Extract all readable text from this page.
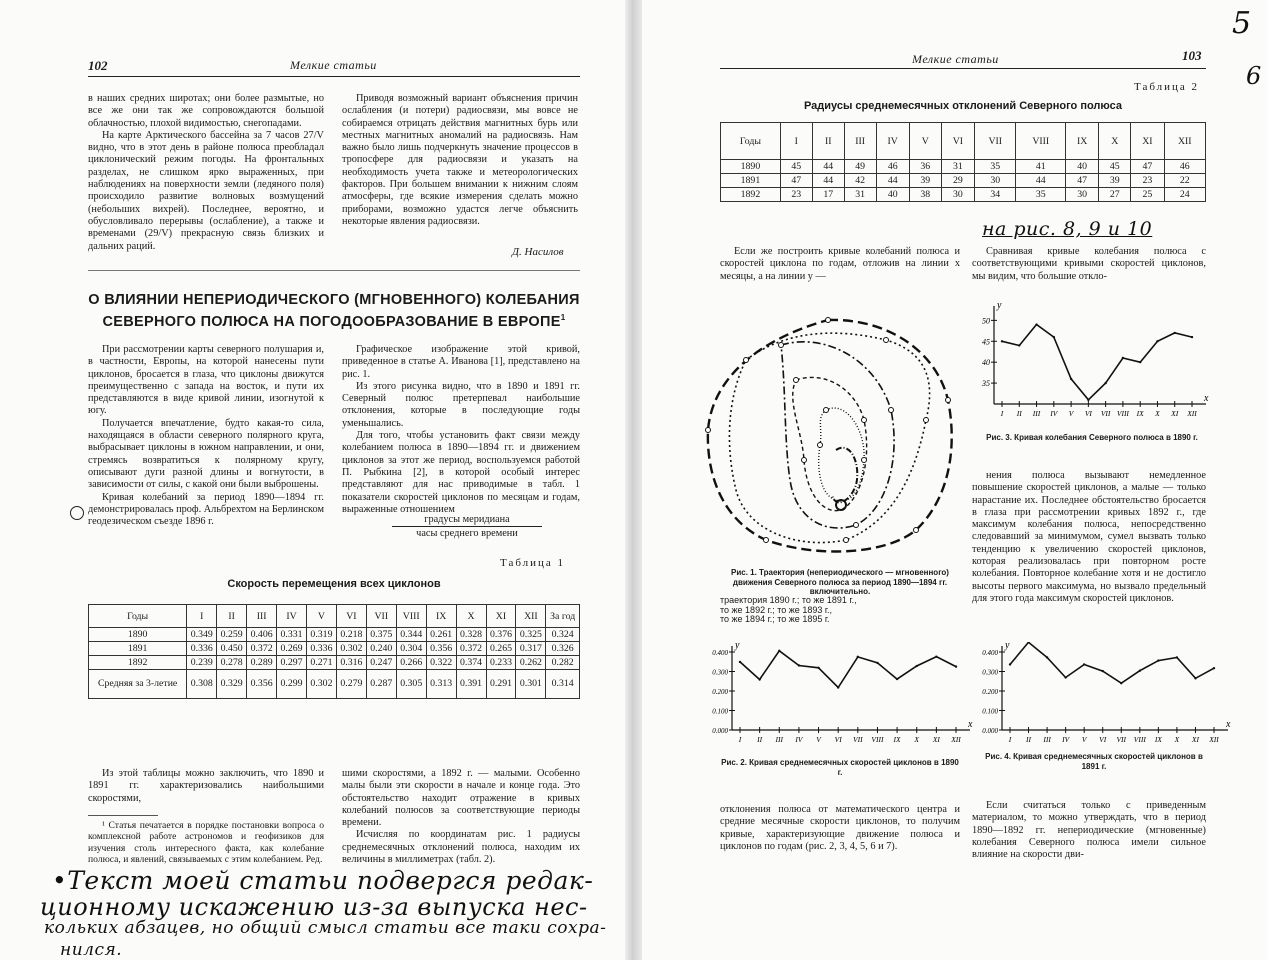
102	Мелкие статьи

в наших средних широтах; они более размытые, но все же они так же сопровождаются большой облачностью, плохой видимостью, снегопадами.

На карте Арктического бассейна за 7 часов 27/V видно, что в этот день в районе полюса преобладал циклонический режим погоды. На фронтальных разделах, не слишком ярко выраженных, при наблюдениях на поверхности земли (ледяного поля) происходило развитие волновых возмущений (небольших вихрей). Последнее, вероятно, и обусловливало перерывы (ослабление), а также и временами (29/V) прекрасную связь близких и дальних раций.

Приводя возможный вариант объяснения причин ослабления (и потери) радиосвязи, мы вовсе не собираемся отрицать действия магнитных бурь или местных магнитных аномалий на радиосвязь. Нам важно было лишь подчеркнуть значение процессов в тропосфере для радиосвязи и указать на необходимость учета также и метеорологических факторов. При большем внимании к нижним слоям атмосферы, где всякие измерения сделать можно приборами, возможно удастся легче объяснить некоторые явления радиосвязи.

Д. Насилов
О ВЛИЯНИИ НЕПЕРИОДИЧЕСКОГО (МГНОВЕННОГО) КОЛЕБАНИЯ СЕВЕРНОГО ПОЛЮСА НА ПОГОДООБРАЗОВАНИЕ В ЕВРОПЕ$^1$

При рассмотрении карты северного полушария и, в частности, Европы, на которой нанесены пути циклонов, бросается в глаза, что циклоны движутся преимущественно с запада на восток, и пути их представляются в виде кривой линии, изогнутой к югу.

Получается впечатление, будто какая-то сила, находящаяся в области северного полярного круга, выбрасывает циклоны в южном направлении, и они, стремясь возвратиться к полярному кругу, описывают дуги разной длины и вогнутости, в зависимости от силы, с какой они были выброшены.

Кривая колебаний за период 1890—1894 гг. демонстрировалась проф. Альбрехтом на Берлинском геодезическом съезде 1896 г.

Графическое изображение этой кривой, приведенное в статье А. Иванова [1], представлено на рис. 1.

Из этого рисунка видно, что в 1890 и 1891 гг. Северный полюс претерпевал наибольшие отклонения, которые в последующие годы уменьшались.

Для того, чтобы установить факт связи между колебанием полюса в 1890—1894 гг. и движением циклонов за этот же период, воспользуемся работой П. Рыбкина [2], в которой особый интерес представляют для нас приводимые в табл. 1 показатели скоростей циклонов по месяцам и годам, выраженные отношением

градусы меридиана
часы среднего времени
Таблица 1
Скорость перемещения всех циклонов
Годы	I	II	III	IV	V	VI	VII	VIII	IX	X	XI	XII	За год
1890	0.349	0.259	0.406	0.331	0.319	0.218	0.375	0.344	0.261	0.328	0.376	0.325	0.324
1891	0.336	0.450	0.372	0.269	0.336	0.302	0.240	0.304	0.356	0.372	0.265	0.317	0.326
1892	0.239	0.278	0.289	0.297	0.271	0.316	0.247	0.266	0.322	0.374	0.233	0.262	0.282
Средняя за 3-летие	0.308	0.329	0.356	0.299	0.302	0.279	0.287	0.305	0.313	0.391	0.291	0.301	0.314

Из этой таблицы можно заключить, что 1890 и 1891 гг. характеризовались наибольшими скоростями,

¹ Статья печатается в порядке постановки вопроса о комплексной работе астрономов и геофизиков для изучения столь интересного факта, как колебание полюса, и явлений, связываемых с этим колебанием. Ред.

шими скоростями, а 1892 г. — малыми. Особенно малы были эти скорости в начале и конце года. Это обстоятельство находит отражение в кривых колебаний полюсов за соответствующие периоды времени.

Исчисляя по координатам рис. 1 радиусы среднемесячных отклонений полюса, находим их величины в миллиметрах (табл. 2).

•Текст моей статьи подвергся редак-
ционному искажению из-за выпуска нес-
кольких абзацев, но общий смысл статьи все таки сохра-
нился.
Мелкие статьи	103
5
6
Таблица 2
Радиусы среднемесячных отклонений Северного полюса
Годы	I	II	III	IV	V	VI	VII	VIII	IX	X	XI	XII
1890	45	44	49	46	36	31	35	41	40	45	47	46
1891	47	44	42	44	39	29	30	44	47	39	23	22
1892	23	17	31	40	38	30	34	35	30	27	25	24

Если же построить кривые колебаний полюса и скоростей циклона по годам, отложив на линии x месяцы, а на линии y —

на рис. 8, 9 и 10

Сравнивая кривые колебания полюса с соответствующими кривыми скоростей циклонов, мы видим, что большие откло-

Рис. 1. Траектория (непериодического — мгновенного) движения Северного полюса за период 1890—1894 гг. включительно.
траектория 1890 г.; то же 1891 г.,
то же 1892 г.; то же 1893 г.,
то же 1894 г.; то же 1895 г.
y
x
50
45
40
35
I II III IV V VI VII VIII IX X XI XII
Рис. 3. Кривая колебания Северного полюса в 1890 г.

нения полюса вызывают немедленное повышение скоростей циклонов, а малые — только нарастание их. Последнее обстоятельство бросается в глаза при рассмотрении кривых 1892 г., где максимум колебания полюса, непосредственно следовавший за минимумом, сумел вызвать только тенденцию к увеличению скоростей циклонов, которая реализовалась при повторном росте колебания. Повторное колебание хотя и не достигло высоты первого максимума, но вызвало предельный для этого года максимум скоростей циклонов.

y
x
0.400
0.300
0.200
0.100
0.000
I II III IV V VI VII VIII IX X XI XII
Рис. 2. Кривая среднемесячных скоростей циклонов в 1890 г.
y
x
0.400
0.300
0.200
0.100
0.000
I II III IV V VI VII VIII IX X XI XII
Рис. 4. Кривая среднемесячных скоростей циклонов в 1891 г.

отклонения полюса от математического центра и средние месячные скорости циклонов, то получим кривые, характеризующие движение полюса и циклонов по годам (рис. 2, 3, 4, 5, 6 и 7).

Если считаться только с приведенным материалом, то можно утверждать, что в период 1890—1892 гг. непериодические (мгновенные) колебания Северного полюса имели сильное влияние на скорости дви-
